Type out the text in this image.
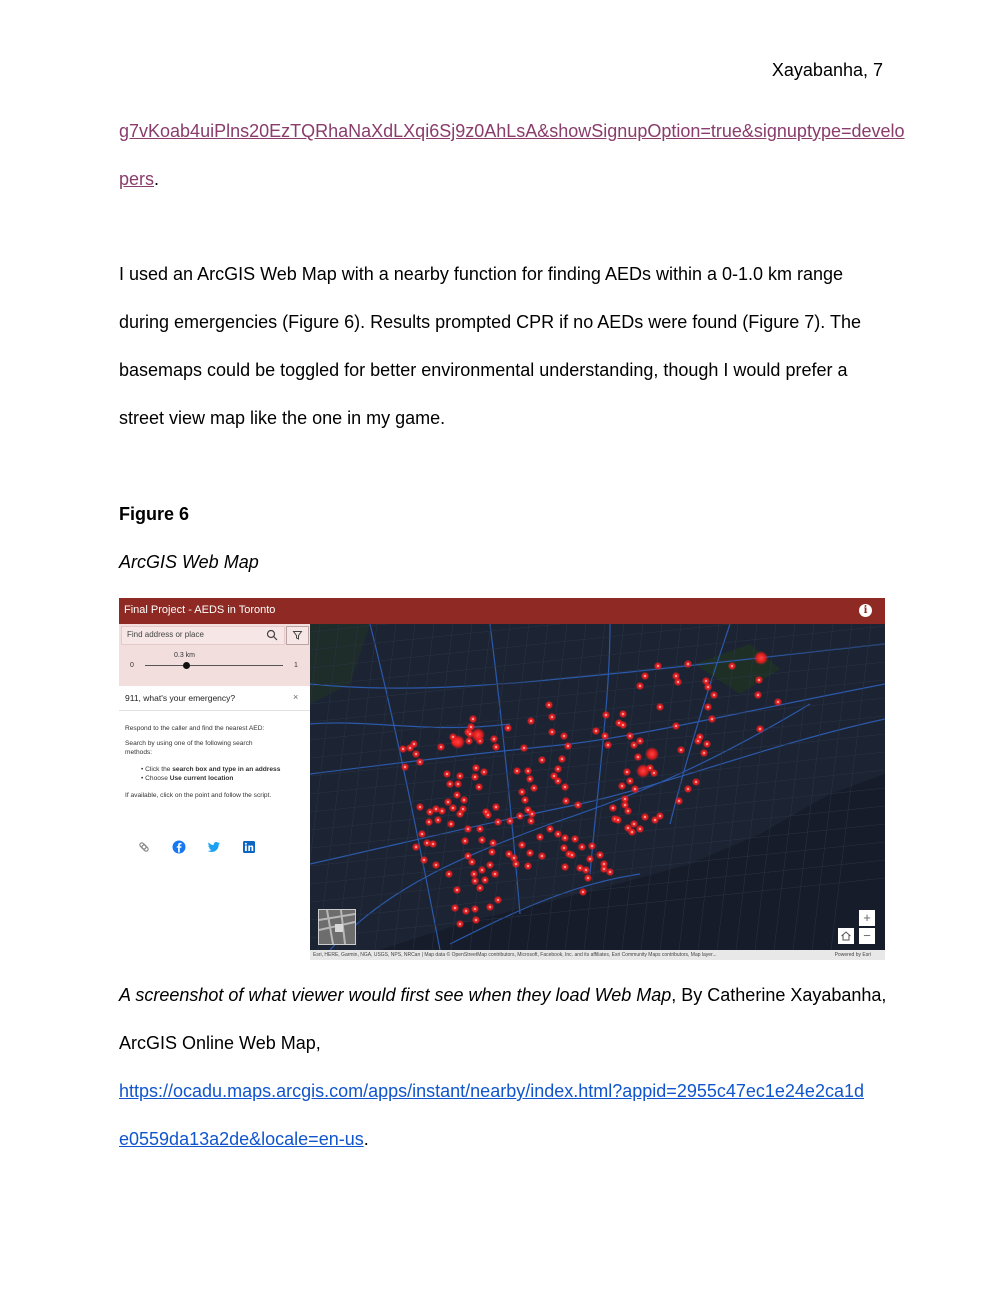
Xayabanha, 7
g7vKoab4uiPlns20EzTQRhaNaXdLXqi6Sj9z0AhLsA&showSignupOption=true&signuptype=develo
pers.
I used an ArcGIS Web Map with a nearby function for finding AEDs within a 0-1.0 km range
during emergencies (Figure 6). Results prompted CPR if no AEDs were found (Figure 7). The
basemaps could be toggled for better environmental understanding, though I would prefer a
street view map like the one in my game.
Figure 6
ArcGIS Web Map
Final Project - AEDS in Toronto	i
Find address or place
0.3 km
0	1
911, what's your emergency?	×
Respond to the caller and find the nearest AED:
Search by using one of the following search
methods:
• Click the search box and type in an address
• Choose Use current location
If available, click on the point and follow the script.
+
−
Esri, HERE, Garmin, NGA, USGS, NPS, NRCan | Map data © OpenStreetMap contributors, Microsoft, Facebook, Inc. and its affiliates, Esri Community Maps contributors, Map layer...	Powered by Esri
A screenshot of what viewer would first see when they load Web Map, By Catherine Xayabanha,
ArcGIS Online Web Map,
https://ocadu.maps.arcgis.com/apps/instant/nearby/index.html?appid=2955c47ec1e24e2ca1d
e0559da13a2de&locale=en-us.
